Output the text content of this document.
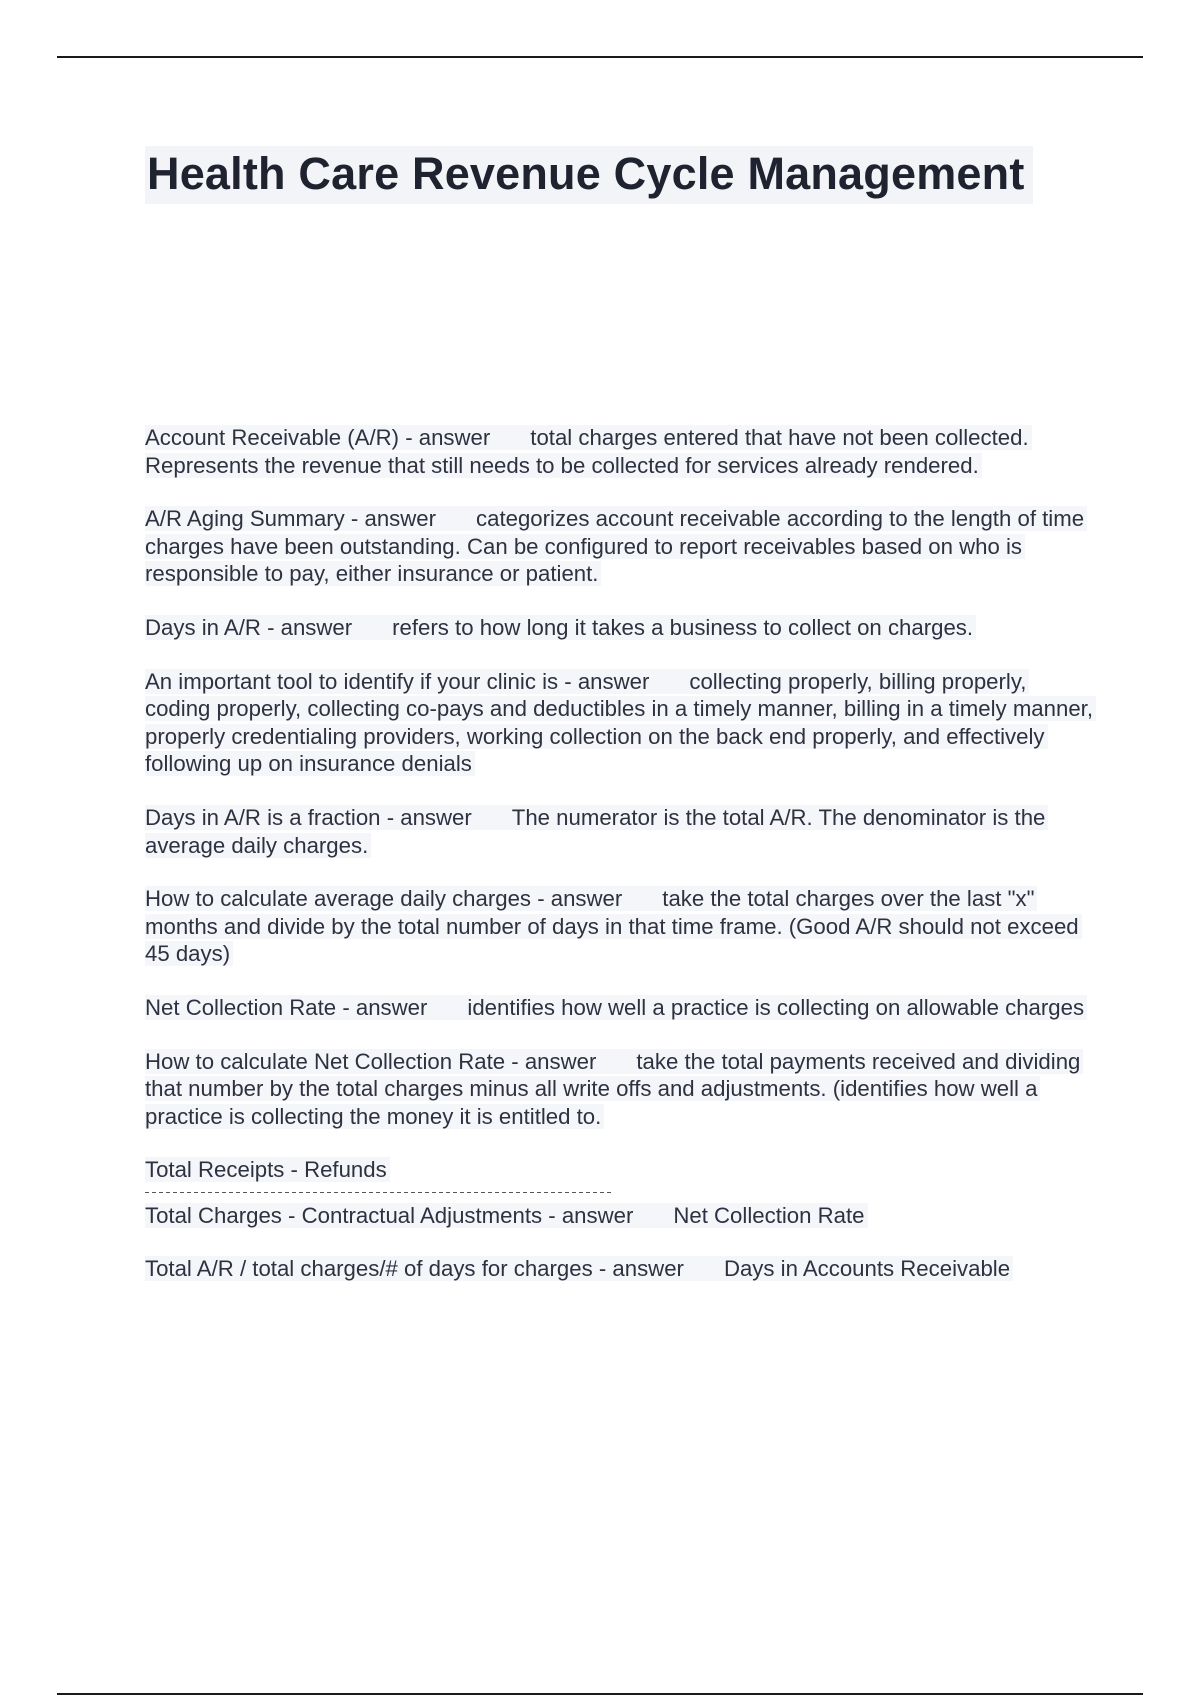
Health Care Revenue Cycle Management

Account Receivable (A/R) - answer total charges entered that have not been collected. Represents the revenue that still needs to be collected for services already rendered.

A/R Aging Summary - answer categorizes account receivable according to the length of time charges have been outstanding. Can be configured to report receivables based on who is responsible to pay, either insurance or patient.

Days in A/R - answer refers to how long it takes a business to collect on charges.

An important tool to identify if your clinic is - answer collecting properly, billing properly, coding properly, collecting co-pays and deductibles in a timely manner, billing in a timely manner, properly credentialing providers, working collection on the back end properly, and effectively following up on insurance denials

Days in A/R is a fraction - answer The numerator is the total A/R. The denominator is the average daily charges.

How to calculate average daily charges - answer take the total charges over the last "x" months and divide by the total number of days in that time frame. (Good A/R should not exceed 45 days)

Net Collection Rate - answer identifies how well a practice is collecting on allowable charges

How to calculate Net Collection Rate - answer take the total payments received and dividing that number by the total charges minus all write offs and adjustments. (identifies how well a practice is collecting the money it is entitled to.

Total Receipts - Refunds
Total Charges - Contractual Adjustments - answer Net Collection Rate

Total A/R / total charges/# of days for charges - answer Days in Accounts Receivable
